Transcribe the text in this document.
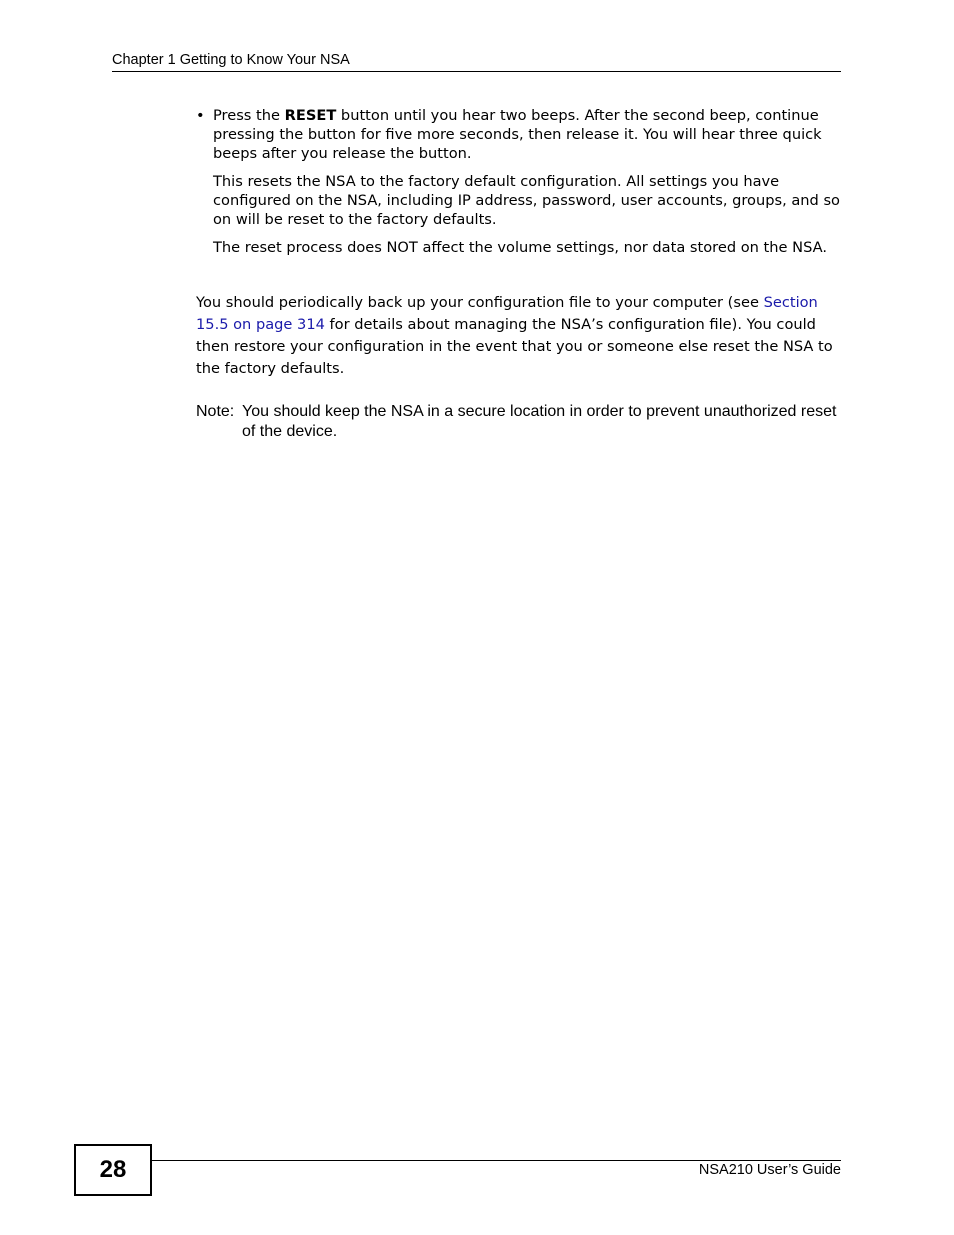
Chapter 1 Getting to Know Your NSA
• Press the RESET button until you hear two beeps. After the second beep, continue pressing the button for five more seconds, then release it. You will hear three quick beeps after you release the button.

This resets the NSA to the factory default configuration. All settings you have configured on the NSA, including IP address, password, user accounts, groups, and so on will be reset to the factory defaults.

The reset process does NOT affect the volume settings, nor data stored on the NSA.

You should periodically back up your configuration file to your computer (see Section 15.5 on page 314 for details about managing the NSA’s configuration file). You could then restore your configuration in the event that you or someone else reset the NSA to the factory defaults.

Note: You should keep the NSA in a secure location in order to prevent unauthorized reset of the device.
28	NSA210 User’s Guide
